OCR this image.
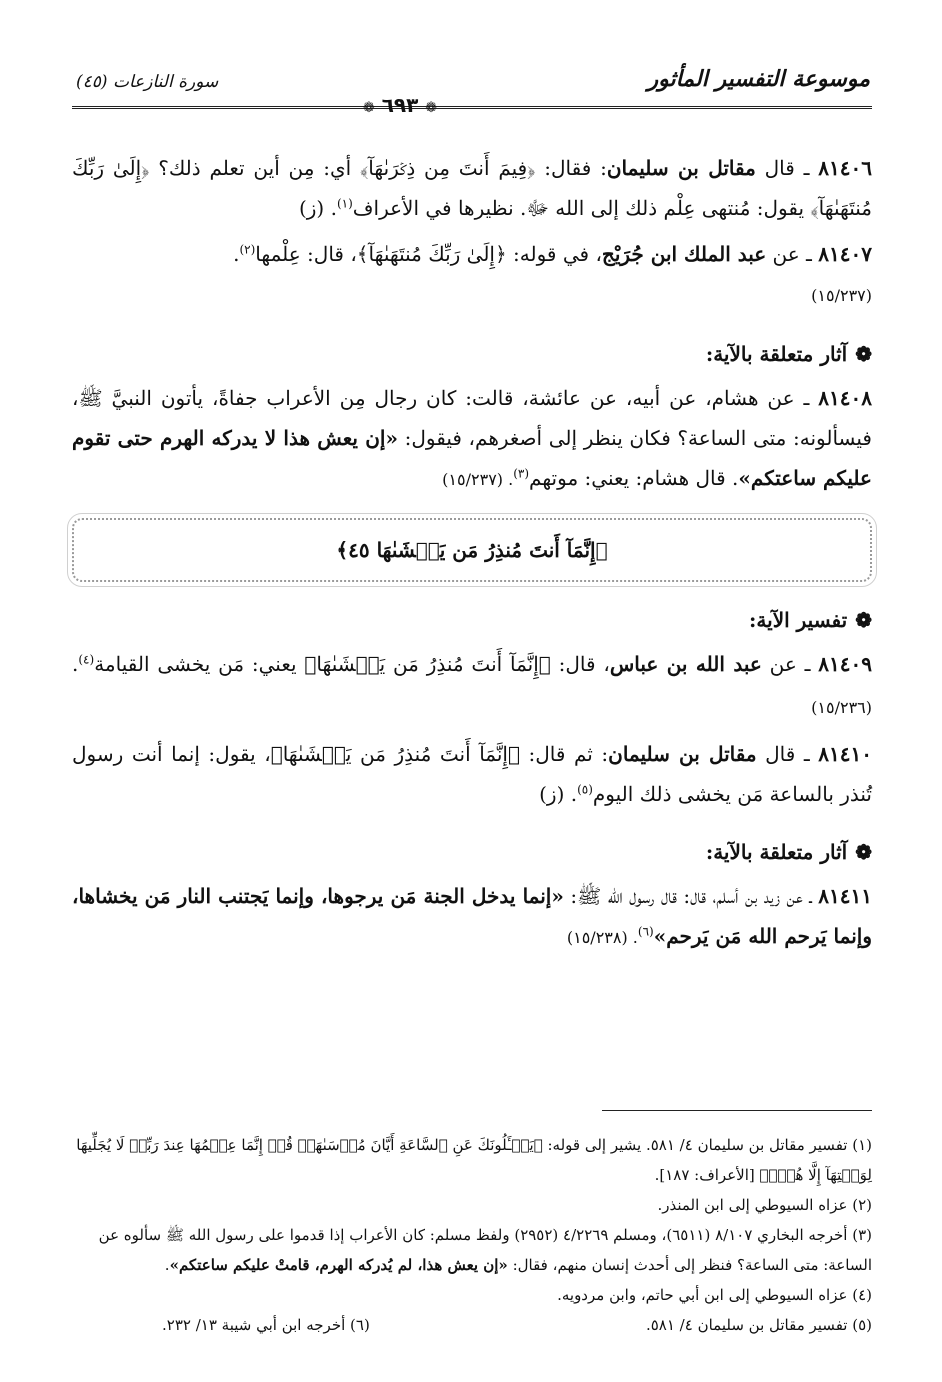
موسوعة التفسير المأثور
سورة النازعات (٤٥)
❁ ٦٩٣ ❁

٨١٤٠٦ ـ قال مقاتل بن سليمان: فقال: ﴿فِيمَ أَنتَ مِن ذِكۡرَىٰهَآ﴾ أي: مِن أين تعلم ذلك؟ ﴿إِلَىٰ رَبِّكَ مُنتَهَىٰهَآ﴾ يقول: مُنتهى عِلْم ذلك إلى الله ﷻ. نظيرها في الأعراف$^{(١)}$. (ز)

٨١٤٠٧ ـ عن عبد الملك ابن جُرَيْج، في قوله: ﴿إِلَىٰ رَبِّكَ مُنتَهَىٰهَآ﴾، قال: عِلْمها$^{(٢)}$.
(١٥/٢٣٧)

❁آثار متعلقة بالآية:

٨١٤٠٨ ـ عن هشام، عن أبيه، عن عائشة، قالت: كان رجال مِن الأعراب جفاةً، يأتون النبيَّ ﷺ، فيسألونه: متى الساعة؟ فكان ينظر إلى أصغرهم، فيقول: «إن يعش هذا لا يدركه الهرم حتى تقوم عليكم ساعتكم». قال هشام: يعني: موتهم$^{(٣)}$. (١٥/٢٣٧)

﴿إِنَّمَآ أَنتَ مُنذِرُ مَن يَخۡشَىٰهَا ٤٥﴾
❁تفسير الآية:

٨١٤٠٩ ـ عن عبد الله بن عباس، قال: ﴿إِنَّمَآ أَنتَ مُنذِرُ مَن يَخۡشَىٰهَا﴾ يعني: مَن يخشى القيامة$^{(٤)}$. (١٥/٢٣٦)

٨١٤١٠ ـ قال مقاتل بن سليمان: ثم قال: ﴿إِنَّمَآ أَنتَ مُنذِرُ مَن يَخۡشَىٰهَا﴾، يقول: إنما أنت رسول تُنذر بالساعة مَن يخشى ذلك اليوم$^{(٥)}$. (ز)

❁آثار متعلقة بالآية:

٨١٤١١ ـ عن زيد بن أسلم، قال: قال رسول الله ﷺ: «إنما يدخل الجنة مَن يرجوها، وإنما يَجتنب النار مَن يخشاها، وإنما يَرحم الله مَن يَرحم»$^{(٦)}$. (١٥/٢٣٨)

(١) تفسير مقاتل بن سليمان ٤/ ٥٨١. يشير إلى قوله: ﴿يَسۡـَٔلُونَكَ عَنِ ٱلسَّاعَةِ أَيَّانَ مُرۡسَىٰهَاۖ قُلۡ إِنَّمَا عِلۡمُهَا عِندَ رَبِّيۖ لَا يُجَلِّيهَا لِوَقۡتِهَآ إِلَّا هُوَۚ﴾ [الأعراف: ١٨٧].

(٢) عزاه السيوطي إلى ابن المنذر.

(٣) أخرجه البخاري ٨/١٠٧ (٦٥١١)، ومسلم ٤/٢٢٦٩ (٢٩٥٢) ولفظ مسلم: كان الأعراب إذا قدموا على رسول الله ﷺ سألوه عن الساعة: متى الساعة؟ فنظر إلى أحدث إنسان منهم، فقال: «إن يعش هذا، لم يُدركه الهرم، قامتْ عليكم ساعتكم».

(٤) عزاه السيوطي إلى ابن أبي حاتم، وابن مردويه.

(٥) تفسير مقاتل بن سليمان ٤/ ٥٨١.
(٦) أخرجه ابن أبي شيبة ١٣/ ٢٣٢.
